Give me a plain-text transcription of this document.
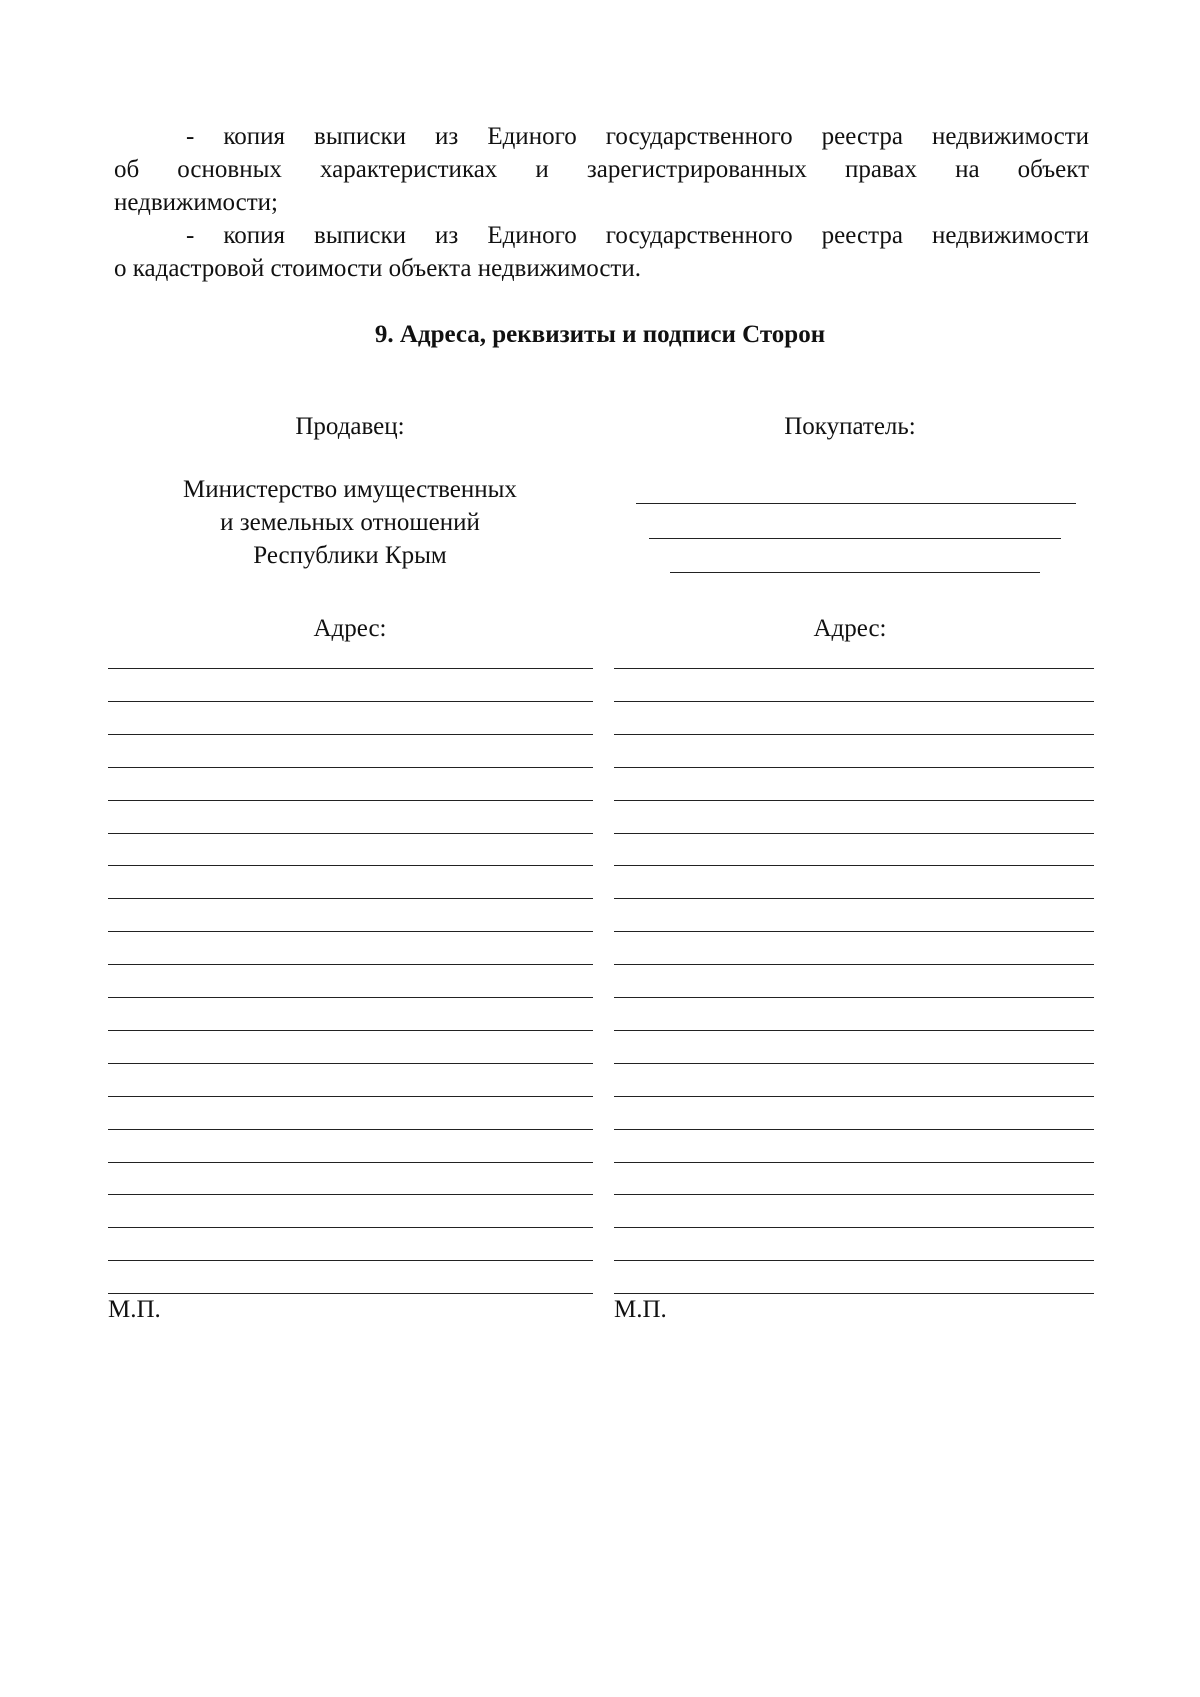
- копия выписки из Единого государственного реестра недвижимости
об основных характеристиках и зарегистрированных правах на объект
недвижимости;
- копия выписки из Единого государственного реестра недвижимости
о кадастровой стоимости объекта недвижимости.
9. Адреса, реквизиты и подписи Сторон
Продавец:	Покупатель:
Министерство имущественных
и земельных отношений
Республики Крым
Адрес:	Адрес:
М.П.	М.П.
